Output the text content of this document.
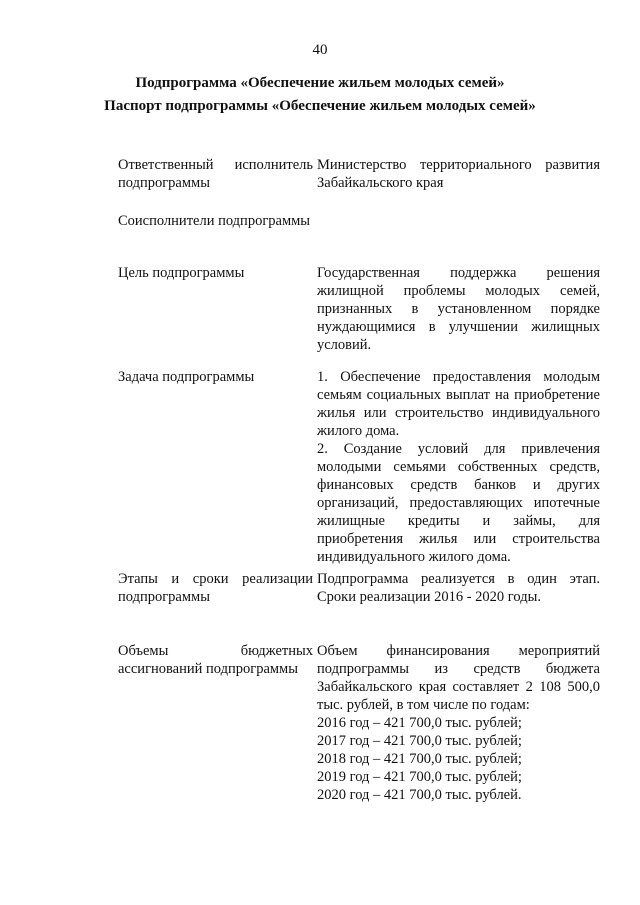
40
Подпрограмма «Обеспечение жильем молодых семей»
Паспорт подпрограммы «Обеспечение жильем молодых семей»
Ответственный исполнитель подпрограммы

Министерство территориального развития Забайкальского края

Соисполнители подпрограммы
Цель подпрограммы	Государственная поддержка решения жилищной проблемы молодых семей, признанных в установленном порядке нуждающимися в улучшении жилищных условий.

Задача подпрограммы	1. Обеспечение предоставления молодым семьям социальных выплат на приобретение жилья или строительство индивидуального жилого дома.

2. Создание условий для привлечения молодыми семьями собственных средств, финансовых средств банков и других организаций, предоставляющих ипотечные жилищные кредиты и займы, для приобретения жилья или строительства индивидуального жилого дома.

Этапы и сроки реализации подпрограммы

Подпрограмма реализуется в один этап. Сроки реализации 2016 - 2020 годы.

Объемы бюджетных ассигнований подпрограммы

Объем финансирования мероприятий подпрограммы из средств бюджета Забайкальского края составляет 2 108 500,0 тыс. рублей, в том числе по годам:

2016 год – 421 700,0 тыс. рублей;

2017 год – 421 700,0 тыс. рублей;

2018 год – 421 700,0 тыс. рублей;

2019 год – 421 700,0 тыс. рублей;

2020 год – 421 700,0 тыс. рублей.
